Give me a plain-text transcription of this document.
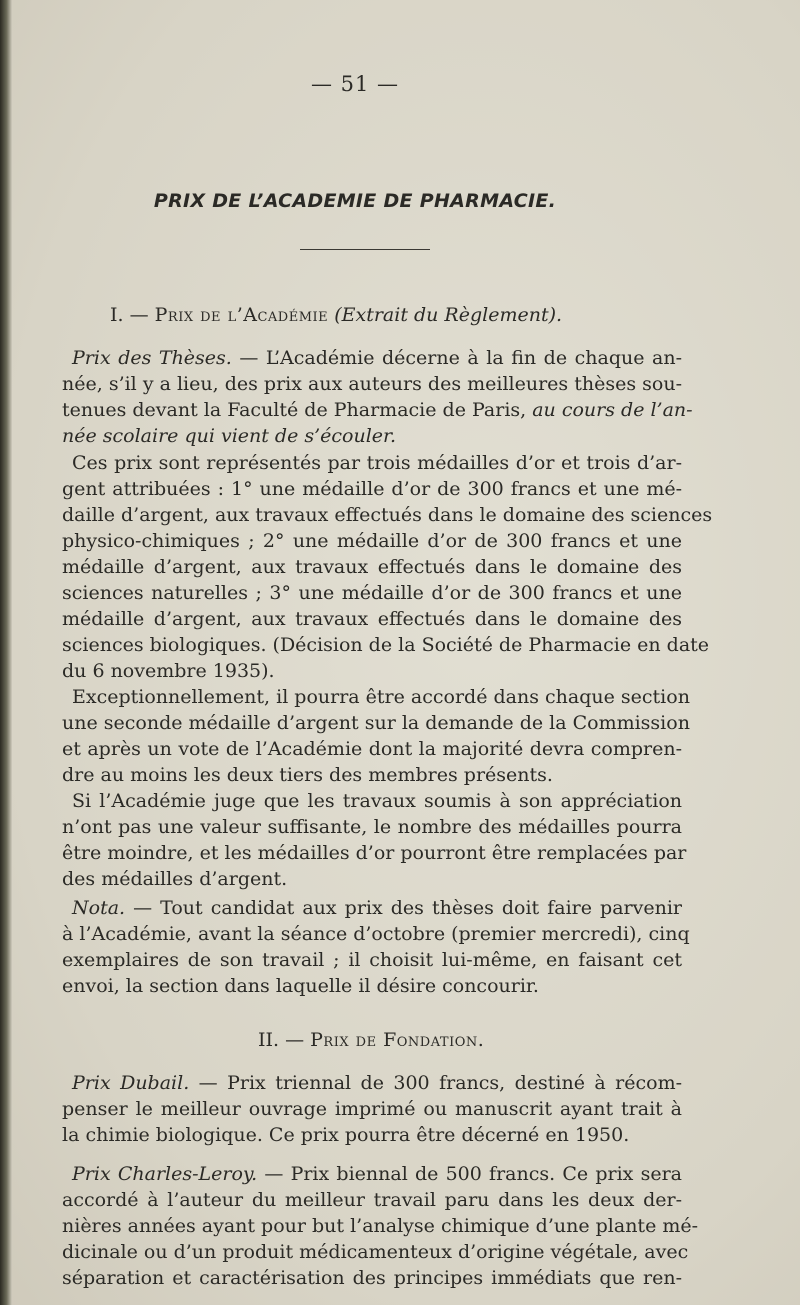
— 51 —
PRIX DE L’ACADEMIE DE PHARMACIE.
I. — Prix de l’Académie (Extrait du Règlement).
Prix des Thèses. — L’Académie décerne à la fin de chaque an-
née, s’il y a lieu, des prix aux auteurs des meilleures thèses sou-
tenues devant la Faculté de Pharmacie de Paris, au cours de l’an-
née scolaire qui vient de s’écouler.
Ces prix sont représentés par trois médailles d’or et trois d’ar-
gent attribuées : 1° une médaille d’or de 300 francs et une mé-
daille d’argent, aux travaux effectués dans le domaine des sciences
physico-chimiques ; 2° une médaille d’or de 300 francs et une
médaille d’argent, aux travaux effectués dans le domaine des
sciences naturelles ; 3° une médaille d’or de 300 francs et une
médaille d’argent, aux travaux effectués dans le domaine des
sciences biologiques. (Décision de la Société de Pharmacie en date
du 6 novembre 1935).
Exceptionnellement, il pourra être accordé dans chaque section
une seconde médaille d’argent sur la demande de la Commission
et après un vote de l’Académie dont la majorité devra compren-
dre au moins les deux tiers des membres présents.
Si l’Académie juge que les travaux soumis à son appréciation
n’ont pas une valeur suffisante, le nombre des médailles pourra
être moindre, et les médailles d’or pourront être remplacées par
des médailles d’argent.
Nota. — Tout candidat aux prix des thèses doit faire parvenir
à l’Académie, avant la séance d’octobre (premier mercredi), cinq
exemplaires de son travail ; il choisit lui-même, en faisant cet
envoi, la section dans laquelle il désire concourir.
II. — Prix de Fondation.
Prix Dubail. — Prix triennal de 300 francs, destiné à récom-
penser le meilleur ouvrage imprimé ou manuscrit ayant trait à
la chimie biologique. Ce prix pourra être décerné en 1950.
Prix Charles-Leroy. — Prix biennal de 500 francs. Ce prix sera
accordé à l’auteur du meilleur travail paru dans les deux der-
nières années ayant pour but l’analyse chimique d’une plante mé-
dicinale ou d’un produit médicamenteux d’origine végétale, avec
séparation et caractérisation des principes immédiats que ren-
